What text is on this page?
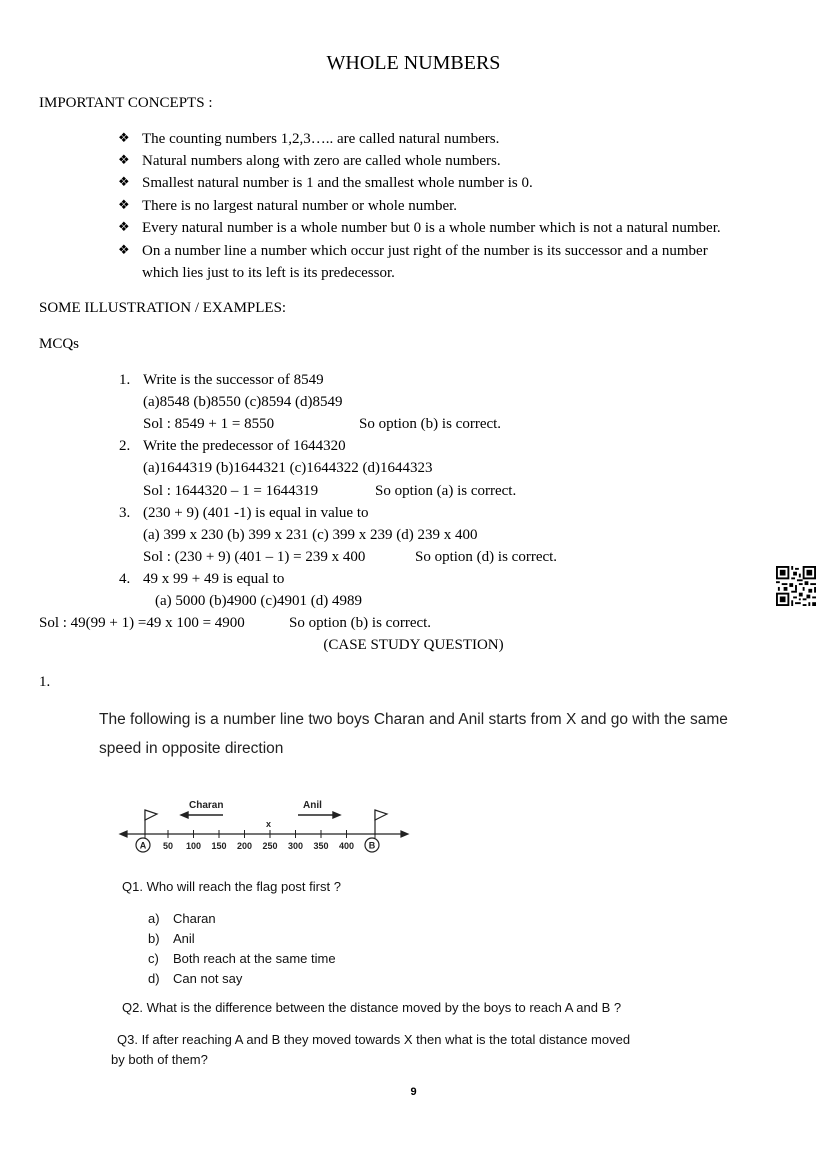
WHOLE NUMBERS
IMPORTANT CONCEPTS :
❖ The counting numbers 1,2,3….. are called natural numbers.
❖ Natural numbers along with zero are called whole numbers.
❖ Smallest natural number is 1 and the smallest whole number is 0.
❖ There is no largest natural number or whole number.
❖ Every natural number is a whole number but 0 is a whole number which is not a natural number.
❖ On a number line a number which occur just right of the number is its successor and a number
which lies just to its left is its predecessor.
SOME ILLUSTRATION / EXAMPLES:
MCQs
1. Write is the successor of 8549
(a)8548 (b)8550 (c)8594 (d)8549
Sol : 8549 + 1 = 8550	So option (b) is correct.
2. Write the predecessor of 1644320
(a)1644319 (b)1644321 (c)1644322 (d)1644323
Sol : 1644320 – 1 = 1644319	So option (a) is correct.
3. (230 + 9) (401 -1) is equal in value to
(a) 399 x 230 (b) 399 x 231 (c) 399 x 239 (d) 239 x 400
Sol : (230 + 9) (401 – 1) = 239 x 400	So option (d) is correct.
4. 49 x 99 + 49 is equal to
(a) 5000 (b)4900 (c)4901 (d) 4989
Sol : 49(99 + 1) =49 x 100 = 4900	So option (b) is correct.
(CASE STUDY QUESTION)
1.
The following is a number line two boys Charan and Anil starts from X and go with the same
speed in opposite direction
Charan	Anil
x
A	B
50 100 150 200 250 300 350 400
Q1. Who will reach the flag post first ?
a) Charan
b) Anil
c) Both reach at the same time
d) Can not say
Q2. What is the difference between the distance moved by the boys to reach A and B ?
Q3. If after reaching A and B they moved towards X then what is the total distance moved
by both of them?
9
